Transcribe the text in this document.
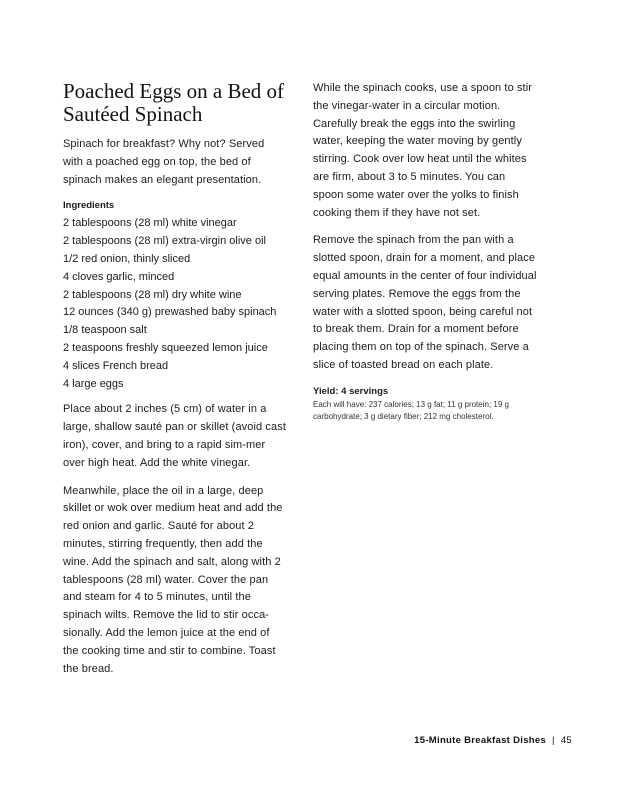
Poached Eggs on a Bed of
Sautéed Spinach

Spinach for breakfast? Why not? Served with a poached egg on top, the bed of spinach makes an elegant presentation.

Ingredients
2 tablespoons (28 ml) white vinegar
2 tablespoons (28 ml) extra-virgin olive oil
1/2 red onion, thinly sliced
4 cloves garlic, minced
2 tablespoons (28 ml) dry white wine
12 ounces (340 g) prewashed baby spinach
1/8 teaspoon salt
2 teaspoons freshly squeezed lemon juice
4 slices French bread
4 large eggs

Place about 2 inches (5 cm) of water in a large, shallow sauté pan or skillet (avoid cast iron), cover, and bring to a rapid sim-mer over high heat. Add the white vinegar.

Meanwhile, place the oil in a large, deep skillet or wok over medium heat and add the red onion and garlic. Sauté for about 2 minutes, stirring frequently, then add the wine. Add the spinach and salt, along with 2 tablespoons (28 ml) water. Cover the pan and steam for 4 to 5 minutes, until the spinach wilts. Remove the lid to stir occa-sionally. Add the lemon juice at the end of the cooking time and stir to combine. Toast the bread.

While the spinach cooks, use a spoon to stir the vinegar-water in a circular motion. Carefully break the eggs into the swirling water, keeping the water moving by gently stirring. Cook over low heat until the whites are firm, about 3 to 5 minutes. You can spoon some water over the yolks to finish cooking them if they have not set.

Remove the spinach from the pan with a slotted spoon, drain for a moment, and place equal amounts in the center of four individual serving plates. Remove the eggs from the water with a slotted spoon, being careful not to break them. Drain for a moment before placing them on top of the spinach. Serve a slice of toasted bread on each plate.

Yield: 4 servings
Each will have: 237 calories; 13 g fat; 11 g protein; 19 g carbohydrate; 3 g dietary fiber; 212 mg cholesterol.
15-Minute Breakfast Dishes | 45
